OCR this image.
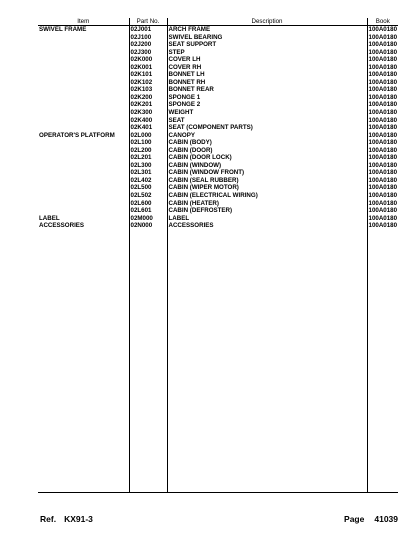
Item	Part No.	Description	Book
SWIVEL FRAME	02J001	ARCH FRAME	100A0180
	02J100	SWIVEL BEARING	100A0180
	02J200	SEAT SUPPORT	100A0180
	02J300	STEP	100A0180
	02K000	COVER LH	100A0180
	02K001	COVER RH	100A0180
	02K101	BONNET LH	100A0180
	02K102	BONNET RH	100A0180
	02K103	BONNET REAR	100A0180
	02K200	SPONGE 1	100A0180
	02K201	SPONGE 2	100A0180
	02K300	WEIGHT	100A0180
	02K400	SEAT	100A0180
	02K401	SEAT (COMPONENT PARTS)	100A0180
OPERATOR'S PLATFORM	02L000	CANOPY	100A0180
	02L100	CABIN (BODY)	100A0180
	02L200	CABIN (DOOR)	100A0180
	02L201	CABIN (DOOR LOCK)	100A0180
	02L300	CABIN (WINDOW)	100A0180
	02L301	CABIN (WINDOW FRONT)	100A0180
	02L402	CABIN (SEAL RUBBER)	100A0180
	02L500	CABIN (WIPER MOTOR)	100A0180
	02L502	CABIN (ELECTRICAL WIRING)	100A0180
	02L600	CABIN (HEATER)	100A0180
	02L601	CABIN (DEFROSTER)	100A0180
LABEL	02M000	LABEL	100A0180
ACCESSORIES	02N000	ACCESSORIES	100A0180

Ref. KX91-3	Page 41039
